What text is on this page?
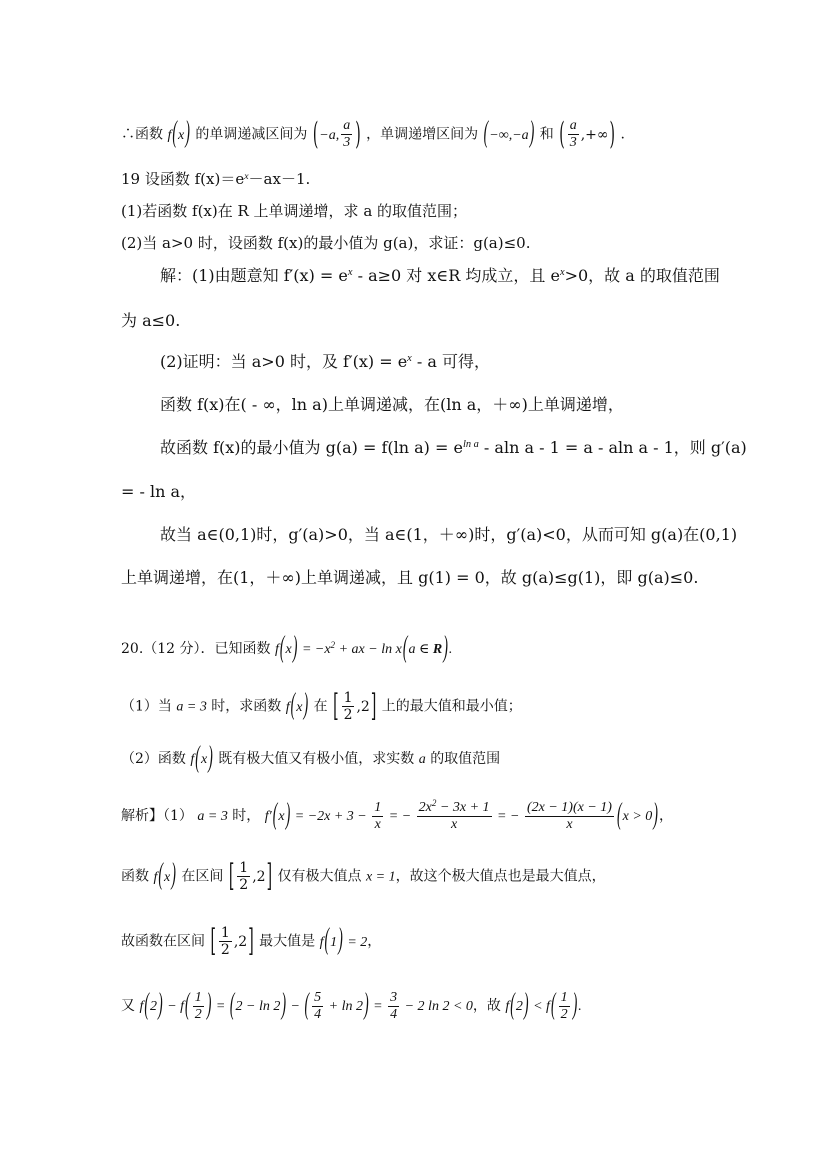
∴函数 f(x) 的单调递减区间为 (−a, $\frac{a}{3}$ ) ，单调递增区间为 (−∞,−a) 和 ( $\frac{a}{3}$ ,+∞) .
19 设函数 $f(x)=e^x-ax-1$.
(1)若函数 f(x)在 R 上单调递增，求 a 的取值范围；
(2)当 a>0 时，设函数 f(x)的最小值为 g(a)，求证：g(a)≤0.
解：(1)由题意知 $f'(x) = e^x - a\ge 0$ 对 x∈R 均成立，且 $e^x>0$，故 a 的取值范围
为 a≤0.
(2)证明：当 a>0 时，及 $f'(x) = e^x - a$ 可得，
函数 f(x)在( - ∞，ln a)上单调递减，在(ln a，＋∞)上单调递增，
故函数 f(x)的最小值为 g(a) = f(ln $a) = e^{ln a} - aln$ a - 1 = a - aln a - 1，则 g′(a)
= - ln a，
故当 a∈(0,1)时，g′(a)>0，当 a∈(1，＋∞)时，g′(a)<0，从而可知 g(a)在(0,1)
上单调递增，在(1，＋∞)上单调递减，且 g(1) = 0，故 g(a)≤g(1)，即 g(a)≤0.
20.（12 分）．已知函数 $f(x) = -x^2$ + ax − ln x(a ∈ R).
（1）当 a = 3 时，求函数 f(x) 在 [ $\frac{1}{2} ,2$] 上的最大值和最小值；
（2）函数 f(x) 既有极大值又有极小值，求实数 a 的取值范围
解析】（1） a = 3 时， $f'(x) = -2x + 3 - \frac{1}{x}$ = − $\frac{2x^2 - 3x + 1}{x}$ = − $\frac{(2x - 1)(x - 1)}{x} (x > 0)$，
函数 f(x) 在区间 [ $\frac{1}{2} ,2$] 仅有极大值点 x = 1，故这个极大值点也是最大值点，
故函数在区间 [ $\frac{1}{2} ,2$] 最大值是 f(1) = 2，
又 $f(2) - f( \frac{1}{2}$ ) = (2 − ln 2) − ( $\frac{5}{4} + \ln 2) = \frac{3}{4} - 2$ ln 2 < 0，故 $f(2) < f( \frac{1}{2}$ ).
